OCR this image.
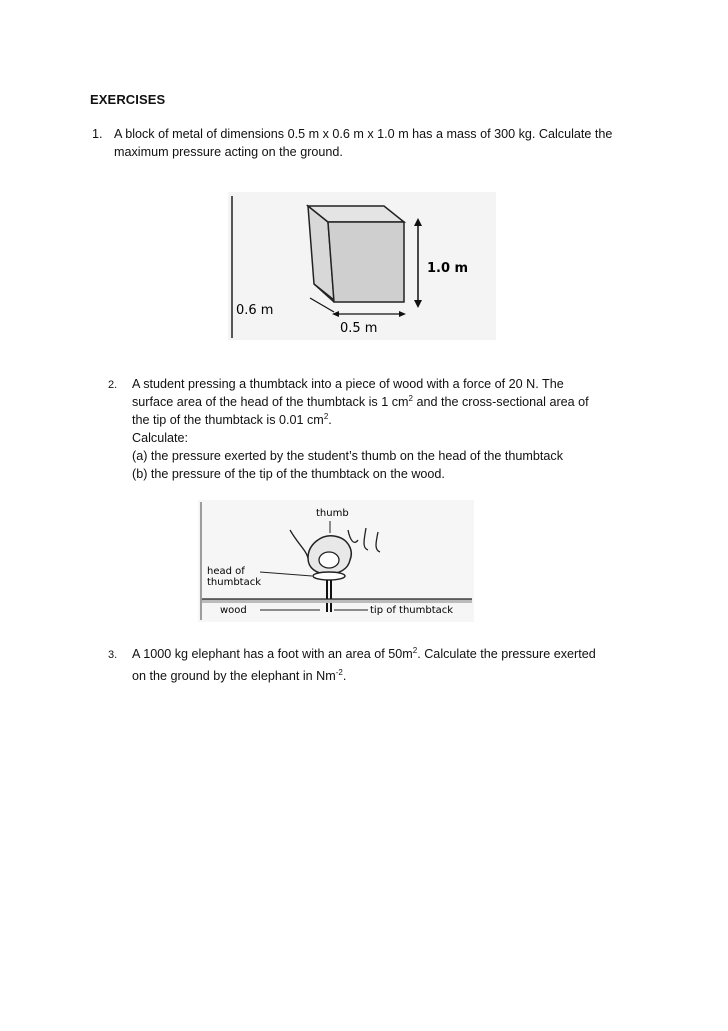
EXERCISES
1. A block of metal of dimensions 0.5 m x 0.6 m x 1.0 m has a mass of 300 kg. Calculate the
maximum pressure acting on the ground.
1.0 m
0.6 m
0.5 m
2.	A student pressing a thumbtack into a piece of wood with a force of 20 N. The
surface area of the head of the thumbtack is 1 $cm^2$ and the cross-sectional area of
the tip of the thumbtack is 0.01 $cm^2$.
Calculate:
(a) the pressure exerted by the student’s thumb on the head of the thumbtack
(b) the pressure of the tip of the thumbtack on the wood.
thumb
head of
thumbtack
wood	tip of thumbtack
3.	A 1000 kg elephant has a foot with an area of $50m^2$. Calculate the pressure exerted
on the ground by the elephant in $Nm^{-2}$.
